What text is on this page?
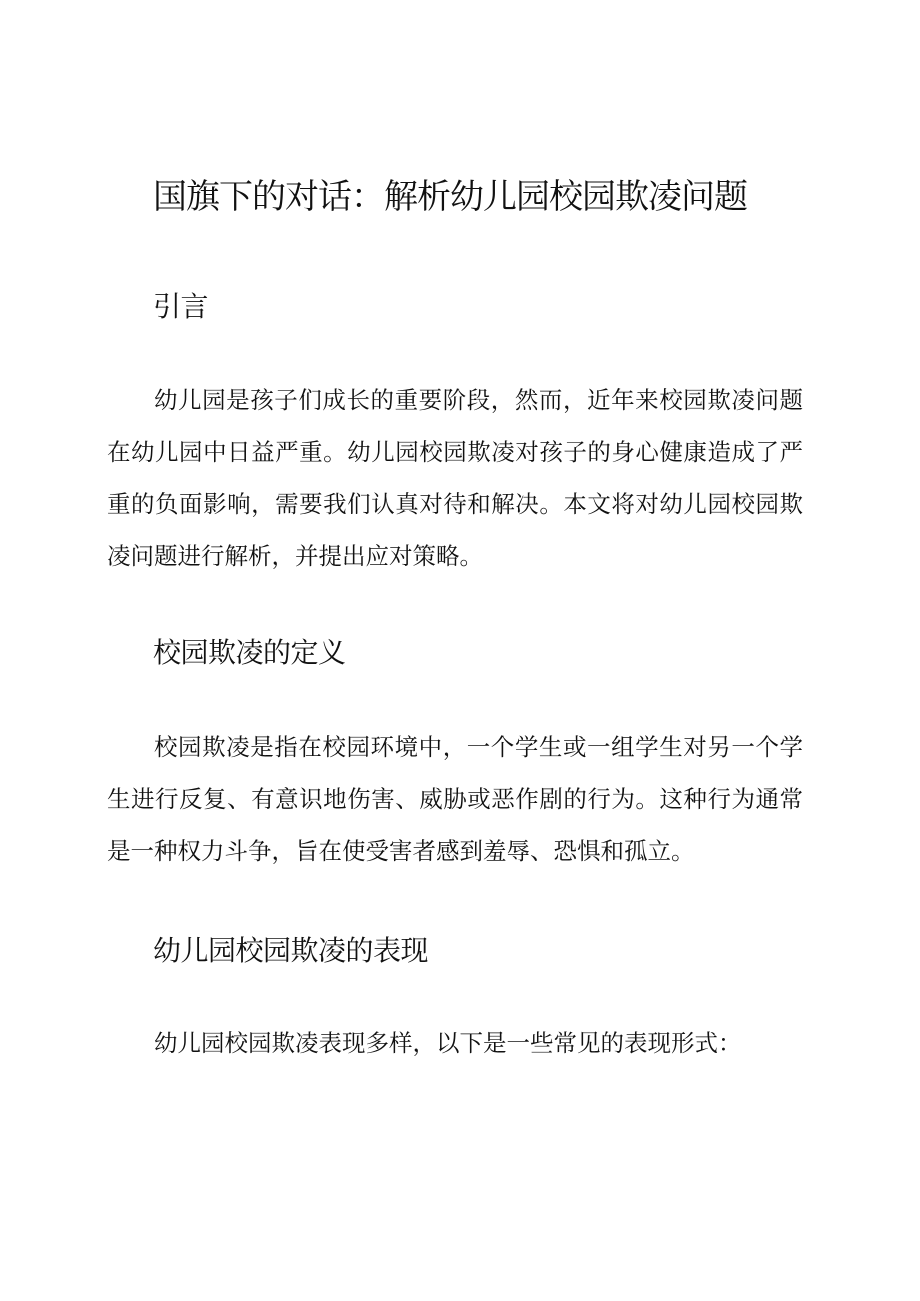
国旗下的对话：解析幼儿园校园欺凌问题
引言

幼儿园是孩子们成长的重要阶段，然而，近年来校园欺凌问题在幼儿园中日益严重。幼儿园校园欺凌对孩子的身心健康造成了严重的负面影响，需要我们认真对待和解决。本文将对幼儿园校园欺凌问题进行解析，并提出应对策略。

校园欺凌的定义

校园欺凌是指在校园环境中，一个学生或一组学生对另一个学生进行反复、有意识地伤害、威胁或恶作剧的行为。这种行为通常是一种权力斗争，旨在使受害者感到羞辱、恐惧和孤立。

幼儿园校园欺凌的表现

幼儿园校园欺凌表现多样，以下是一些常见的表现形式：
